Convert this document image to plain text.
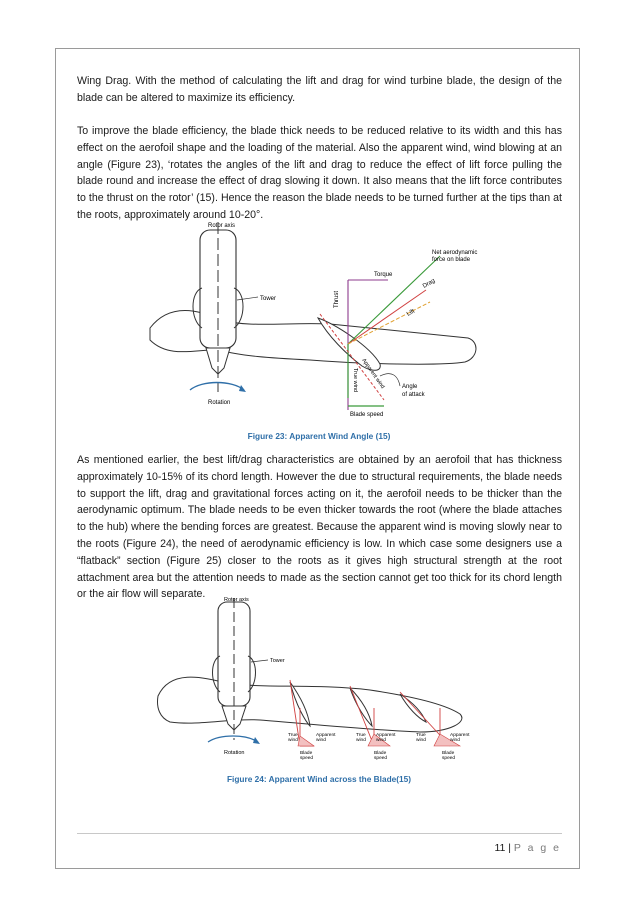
Wing Drag. With the method of calculating the lift and drag for wind turbine blade, the design of the blade can be altered to maximize its efficiency.

To improve the blade efficiency, the blade thick needs to be reduced relative to its width and this has effect on the aerofoil shape and the loading of the material. Also the apparent wind, wind blowing at an angle (Figure 23), ‘rotates the angles of the lift and drag to reduce the effect of lift force pulling the blade round and increase the effect of drag slowing it down. It also means that the lift force contributes to the thrust on the rotor’ (15). Hence the reason the blade needs to be turned further at the tips than at the roots, approximately around 10-20°.

Rotor axis
Tower
Rotation
Thrust
Torque
Net aerodynamic
force on blade
Drag
Lift
True wind Apparent wind	Angle
of attack
Blade speed

Figure 23: Apparent Wind Angle (15)

As mentioned earlier, the best lift/drag characteristics are obtained by an aerofoil that has thickness approximately 10-15% of its chord length. However the due to structural requirements, the blade needs to support the lift, drag and gravitational forces acting on it, the aerofoil needs to be thicker than the aerodynamic optimum. The blade needs to be even thicker towards the root (where the blade attaches to the hub) where the bending forces are greatest. Because the apparent wind is moving slowly near to the roots (Figure 24), the need of aerodynamic efficiency is low. In which case some designers use a “flatback” section (Figure 25) closer to the roots as it gives high structural strength at the root attachment area but the attention needs to made as the section cannot get too thick for its chord length or the air flow will separate.	Rotor axis
Tower
Rotation
True
wind
Apparent
wind
Blade
speed
True
wind
Apparent
wind
Blade
speed
True
wind
Apparent
wind
Blade
speed

Figure 24: Apparent Wind across the Blade(15)

11 | P a g e
